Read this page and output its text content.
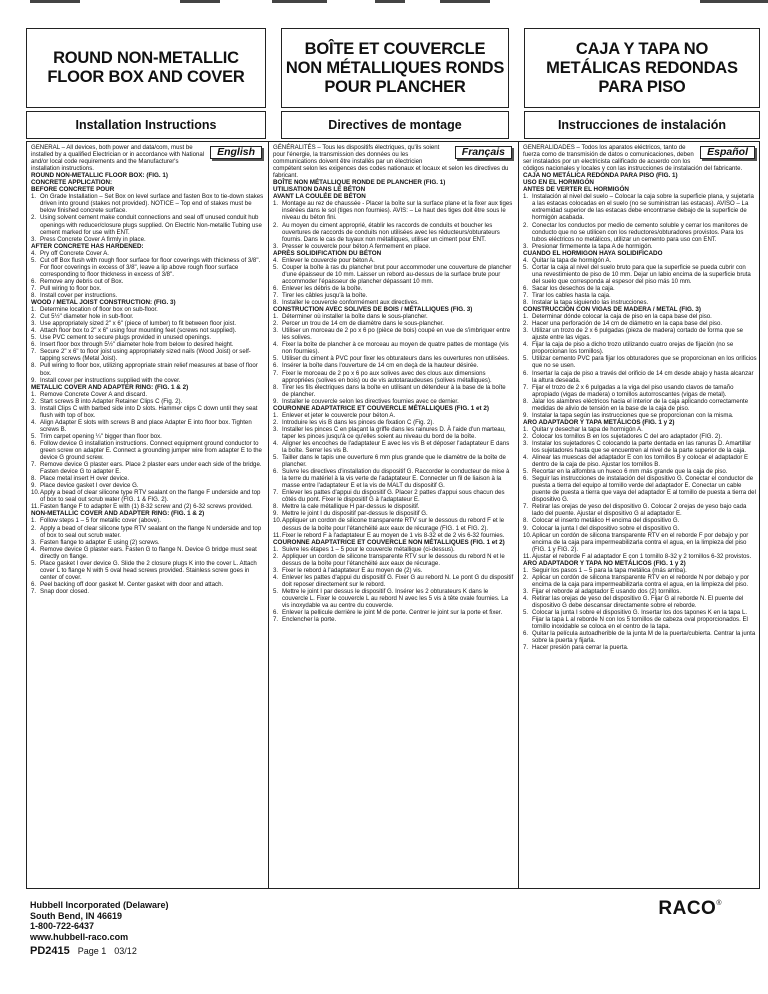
ROUND NON-METALLIC
FLOOR BOX AND COVER
BOÎTE ET COUVERCLE
NON MÉTALLIQUES RONDS
POUR PLANCHER
CAJA Y TAPA NO
METÁLICAS REDONDAS
PARA PISO
Installation Instructions	Directives de montage	Instrucciones de instalación
English

GENERAL – All devices, both power and data/com, must be installed by a qualified Electrician or in accordance with National and/or local code requirements and the Manufacturer's installation instructions.

ROUND NON-METALLIC FLOOR BOX: (FIG. 1)

CONCRETE APPLICATION:

BEFORE CONCRETE POUR

1. On Grade Installation – Set Box on level surface and fasten Box to tie-down stakes driven into ground (stakes not provided). NOTICE – Top end of stakes must be below finished concrete surface.
2. Using solvent cement make conduit connections and seal off unused conduit hub openings with reducer/closure plugs supplied. On Electric Non-metallic Tubing use cement marked for use with ENT.
3. Press Concrete Cover A firmly in place.

AFTER CONCRETE HAS HARDENED:

4. Pry off Concrete Cover A.
5. Cut off Box flush with rough floor surface for floor coverings with thickness of 3/8". For floor coverings in excess of 3/8", leave a lip above rough floor surface corresponding to floor thickness in excess of 3/8".
6. Remove any debris out of Box.
7. Pull wiring to floor box.
8. Install cover per instructions.

WOOD / METAL JOIST CONSTRUCTION: (FIG. 3)

1. Determine location of floor box on sub-floor.
2. Cut 5½" diameter hole in sub-floor.
3. Use appropriately sized 2" x 6" (piece of lumber) to fit between floor joist.
4. Attach floor box to 2" x 6" using four mounting feet (screws not supplied).
5. Use PVC cement to secure plugs provided in unused openings.
6. Insert floor box through 5½" diameter hole from below to desired height.
7. Secure 2" x 6" to floor joist using appropriately sized nails (Wood Joist) or self-tapping screws (Metal Joist).
8. Pull wiring to floor box, utilizing appropriate strain relief measures at base of floor box.
9. Install cover per instructions supplied with the cover.

METALLIC COVER AND ADAPTER RING: (FIG. 1 & 2)

1. Remove Concrete Cover A and discard.
2. Start screws B into Adapter Retainer Clips C (Fig. 2).
3. Install Clips C with barbed side into D slots. Hammer clips C down until they seat flush with top of box.
4. Align Adapter E slots with screws B and place Adapter E into floor box. Tighten screws B.
5. Trim carpet opening ¼" bigger than floor box.
6. Follow device G installation instructions. Connect equipment ground conductor to green screw on adapter E. Connect a grounding jumper wire from adapter E to the device G ground screw.
7. Remove device G plaster ears. Place 2 plaster ears under each side of the bridge. Fasten device G to adapter E.
8. Place metal insert H over device.
9. Place device gasket I over device G.
10. Apply a bead of clear silicone type RTV sealant on the flange F underside and top of box to seal out scrub water (FIG. 1 & FIG. 2).
11. Fasten flange F to adapter E with (1) 8-32 screw and (2) 6-32 screws provided.

NON-METALLIC COVER AND ADAPTER RING: (FIG. 1 & 2)

1. Follow steps 1 – 5 for metallic cover (above).
2. Apply a bead of clear silicone type RTV sealant on the flange N underside and top of box to seal out scrub water.
3. Fasten flange to adapter E using (2) screws.
4. Remove device G plaster ears. Fasten G to flange N. Device G bridge must seat directly on flange.
5. Place gasket I over device G. Slide the 2 closure plugs K into the cover L. Attach cover L to flange N with 5 oval head screws provided. Stainless screw goes in center of cover.
6. Peel backing off door gasket M. Center gasket with door and attach.
7. Snap door closed.
Français

GÉNÉRALITÉS – Tous les dispositifs électriques, qu'ils soient pour l'énergie, la transmission des données ou les communications doivent être installés par un électricien compétent selon les exigences des codes nationaux et locaux et selon les directives du fabricant.

BOÎTE NON MÉTALLIQUE RONDE DE PLANCHER (FIG. 1)

UTILISATION DANS LE BÉTON

AVANT LA COULÉE DE BÉTON

1. Montage au rez de chaussée - Placer la boîte sur la surface plane et la fixer aux tiges insérées dans le sol (tiges non fournies). AVIS: – Le haut des tiges doit être sous le niveau du béton fini.
2. Au moyen du ciment approprié, établir les raccords de conduits et boucher les ouvertures de raccords de conduits non utilisées avec les réducteurs/obturateurs fournis. Dans le cas de tuyaux non métalliques, utiliser un ciment pour ENT.
3. Presser le couvercle pour béton A fermement en place.

APRÈS SOLIDIFICATION DU BÉTON

4. Enlever le couvercle pour béton A.
5. Couper la boîte à ras du plancher brut pour accommoder une couverture de plancher d'une épaisseur de 10 mm. Laisser un rebord au-dessus de la surface brute pour accommoder l'épaisseur de plancher dépassant 10 mm.
6. Enlever les débris de la boîte.
7. Tirer les câbles jusqu'à la boîte.
8. Installer le couvercle conformément aux directives.

CONSTRUCTION AVEC SOLIVES DE BOIS / MÉTALLIQUES (FIG. 3)

1. Déterminer où installer la boîte dans le sous-plancher.
2. Percer un trou de 14 cm de diamètre dans le sous-plancher.
3. Utiliser un morceau de 2 po x 6 po (pièce de bois) coupé en vue de s'imbriquer entre les solives.
4. Fixer la boîte de plancher à ce morceau au moyen de quatre pattes de montage (vis non fournies).
5. Utiliser du ciment à PVC pour fixer les obturateurs dans les ouvertures non utilisées.
6. Insérer la boîte dans l'ouverture de 14 cm en deçà de la hauteur désirée.
7. Fixer le morceau de 2 po x 6 po aux solives avec des clous aux dimensions appropriées (solives en bois) ou de vis autotaraudeuses (solives métalliques).
8. Tirer les fils électriques dans la boîte en utilisant un détendeur à la base de la boîte de plancher.
9. Installer le couvercle selon les directives fournies avec ce dernier.

COURONNE ADAPTATRICE ET COUVERCLE MÉTALLIQUES (FIG. 1 et 2)

1. Enlever et jeter le couvercle pour béton A.
2. Introduire les vis B dans les pinces de fixation C (Fig. 2).
3. Installer les pinces C en plaçant la griffe dans les rainures D. À l'aide d'un marteau, taper les pinces jusqu'à ce qu'elles soient au niveau du bord de la boîte.
4. Aligner les encoches de l'adaptateur E avec les vis B et déposer l'adaptateur E dans la boîte. Serrer les vis B.
5. Tailler dans le tapis une ouverture 6 mm plus grande que le diamètre de la boîte de plancher.
6. Suivre les directives d'installation du dispositif G. Raccorder le conducteur de mise à la terre du matériel à la vis verte de l'adaptateur E. Connecter un fil de liaison à la masse entre l'adaptateur E et la vis de MALT du dispositif G.
7. Enlever les pattes d'appui du dispositif G. Placer 2 pattes d'appui sous chacun des côtés du pont. Fixer le dispositif G à l'adaptateur E.
8. Mettre la cale métallique H par-dessus le dispositif.
9. Mettre le joint I du dispositif par-dessus le dispositif G.
10. Appliquer un cordon de silicone transparente RTV sur le dessous du rebord F et le dessus de la boîte pour l'étanchéité aux eaux de récurage (FIG. 1 et FIG. 2).
11. Fixer le rebord F à l'adaptateur E au moyen de 1 vis 8-32 et de 2 vis 6-32 fournies.

COURONNE ADAPTATRICE ET COUVERCLE NON MÉTALLIQUES (FIG. 1 et 2)

1. Suivre les étapes 1 – 5 pour le couvercle métallique (ci-dessus).
2. Appliquer un cordon de silicone transparente RTV sur le dessous du rebord N et le dessus de la boîte pour l'étanchéité aux eaux de récurage.
3. Fixer le rebord à l'adaptateur E au moyen de (2) vis.
4. Enlever les pattes d'appui du dispositif G. Fixer G au rebord N. Le pont G du dispositif doit reposer directement sur le rebord.
5. Mettre le joint I par dessus le dispositif G. Insérer les 2 obturateurs K dans le couvercle L. Fixer le couvercle L au rebord N avec les 5 vis à tête ovale fournies. La vis inoxydable va au centre du couvercle.
6. Enlever la pellicule derrière le joint M de porte. Centrer le joint sur la porte et fixer.
7. Enclencher la porte.
Español

GENERALIDADES – Todos los aparatos eléctricos, tanto de fuerza como de transmisión de datos o comunicaciones, deben ser instalados por un electricista calificado de acuerdo con los códigos nacionales y locales y con las instrucciones de instalación del fabricante.

CAJA NO METÁLICA REDONDA PARA PISO (FIG. 1)

USO EN EL HORMIGÓN

ANTES DE VERTER EL HORMIGÓN

1. Instalación al nivel del suelo – Colocar la caja sobre la superficie plana, y sujetarla a las estacas colocadas en el suelo (no se suministran las estacas). AVISO – La extremidad superior de las estacas debe encontrarse debajo de la superficie de hormigón acabada.
2. Conectar los conductos por medio de cemento soluble y cerrar los manitores de conducto que no se utilicen con los reductores/obturadores provistos. Para los tubos eléctricos no metálicos, utilizar un cemento para uso con ENT.
3. Presionar firmemente la tapa A de hormigón.

CUANDO EL HORMIGON HAYA SOLIDIFICADO

4. Quitar la tapa de hormigón A.
5. Cortar la caja al nivel del suelo bruto para que la superficie se pueda cubrir con una revestimiento de piso de 10 mm. Dejar un labio encima de la superficie bruta del suelo que corresponda al espesor del piso más 10 mm.
6. Sacar los desechos de la caja.
7. Tirar los cables hasta la caja.
8. Instalar la tapa siguiendo las instrucciones.

CONSTRUCCIÓN CON VIGAS DE MADERA / METAL (FIG. 3)

1. Determinar dónde colocar la caja de piso en la capa base del piso.
2. Hacer una perforación de 14 cm de diámetro en la capa base del piso.
3. Utilizar un trozo de 2 x 6 pulgadas (pieza de madera) cortado de forma que se ajuste entre las vigas.
4. Fijar la caja de piso a dicho trozo utilizando cuatro orejas de fijación (no se proporcionan los tornillos).
5. Utilizar cemento PVC para fijar los obturadores que se proporcionan en los orificios que no se usen.
6. Insertar la caja de piso a través del orificio de 14 cm desde abajo y hasta alcanzar la altura deseada.
7. Fijar el trozo de 2 x 6 pulgadas a la viga del piso usando clavos de tamaño apropiado (vigas de madera) o tornillos autorroscantes (vigas de metal).
8. Jalar los alambres eléctricos hacia el interior de la caja aplicando correctamente medidas de alivio de tensión en la base de la caja de piso.
9. Instalar la tapa según las instrucciones que se proporcionan con la misma.

ARO ADAPTADOR Y TAPA METÁLICOS (FIG. 1 y 2)

1. Quitar y desechar la tapa de hormigón A.
2. Colocar los tornillos B en los sujetadores C del aro adaptador (FIG. 2).
3. Instalar los sujetadores C colocando la parte dentada en las ranuras D. Amartillar los sujetadores hasta que se encuentren al nivel de la parte superior de la caja.
4. Alinear las muescas del adaptador E con los tornillos B y colocar el adaptador E dentro de la caja de piso. Ajustar los tornillos B.
5. Recortar en la alfombra un hueco 6 mm más grande que la caja de piso.
6. Seguir las instrucciones de instalación del dispositivo G. Conectar el conductor de puesta a tierra del equipo al tornillo verde del adaptador E. Conectar un cable puente de puesta a tierra que vaya del adaptador E al tornillo de puesta a tierra del dispositivo G.
7. Retirar las orejas de yeso del dispositivo G. Colocar 2 orejas de yeso bajo cada lado del puente. Ajustar el dispositivo G al adaptador E.
8. Colocar el inserto metálico H encima del dispositivo G.
9. Colocar la junta I del dispositivo sobre el dispositivo G.
10. Aplicar un cordón de silicona transparente RTV en el reborde F por debajo y por encima de la caja para impermeabilizarla contra el agua, en la limpieza del piso (FIG. 1 y FIG. 2).
11. Ajustar el reborde F al adaptador E con 1 tornillo 8-32 y 2 tornillos 6-32 provistos.

ARO ADAPTADOR Y TAPA NO METÁLICOS (FIG. 1 y 2)

1. Seguir los pasos 1 – 5 para la tapa metálica (más arriba).
2. Aplicar un cordón de silicona transparente RTV en el reborde N por debajo y por encima de la caja para impermeabilizarla contra el agua, en la limpieza del piso.
3. Fijar el reborde al adaptador E usando dos (2) tornillos.
4. Retirar las orejas de yeso del dispositivo G. Fijar G al reborde N. El puente del dispositivo G debe descansar directamente sobre el reborde.
5. Colocar la junta I sobre el dispositivo G. Insertar los dos tapones K en la tapa L. Fijar la tapa L al reborde N con los 5 tornillos de cabeza oval proporcionados. El tornillo inoxidable se coloca en el centro de la tapa.
6. Quitar la película autoadherible de la junta M de la puerta/cubierta. Centrar la junta sobre la puerta y fijarla.
7. Hacer presión para cerrar la puerta.
Hubbell Incorporated (Delaware)
South Bend, IN 46619
1-800-722-6437
www.hubbell-raco.com
PD2415 Page 1 03/12
RACO®
